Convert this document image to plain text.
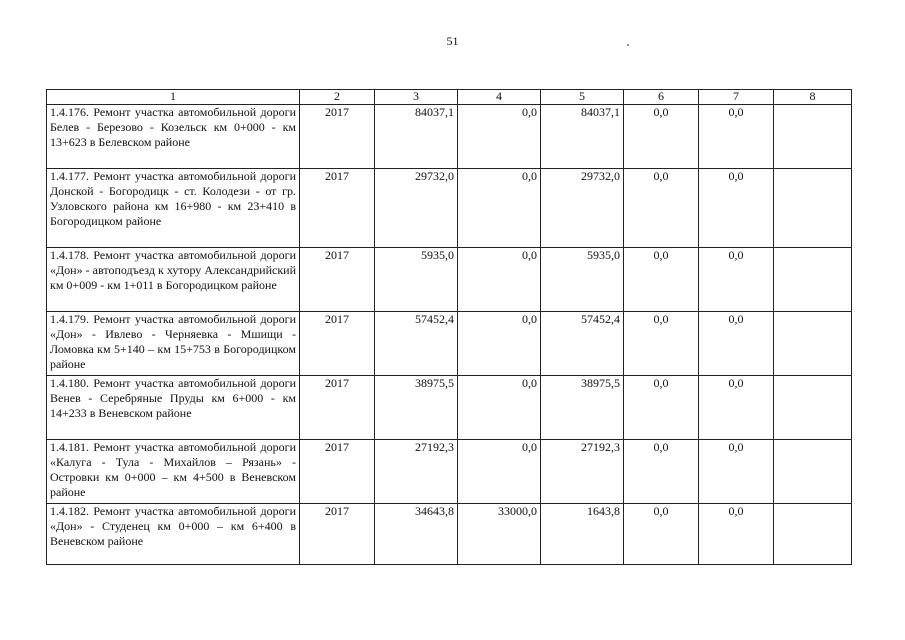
51
1	2	3	4	5	6	7	8
1.4.176. Ремонт участка автомобильной дороги Белев - Березово - Козельск км 0+000 - км 13+623 в Белевском районе	2017	84037,1	0,0	84037,1	0,0	0,0	
1.4.177. Ремонт участка автомобильной дороги Донской - Богородицк - ст. Колодези - от гр. Узловского района км 16+980 - км 23+410 в Богородицком районе	2017	29732,0	0,0	29732,0	0,0	0,0	
1.4.178. Ремонт участка автомобильной дороги «Дон» - автоподъезд к хутору Александрийский км 0+009 - км 1+011 в Богородицком районе	2017	5935,0	0,0	5935,0	0,0	0,0	
1.4.179. Ремонт участка автомобильной дороги «Дон» - Ивлево - Черняевка - Мшищи - Ломовка км 5+140 – км 15+753 в Богородицком районе	2017	57452,4	0,0	57452,4	0,0	0,0	
1.4.180. Ремонт участка автомобильной дороги Венев - Серебряные Пруды км 6+000 - км 14+233 в Веневском районе	2017	38975,5	0,0	38975,5	0,0	0,0	
1.4.181. Ремонт участка автомобильной дороги «Калуга - Тула - Михайлов – Рязань» - Островки км 0+000 – км 4+500 в Веневском районе	2017	27192,3	0,0	27192,3	0,0	0,0	
1.4.182. Ремонт участка автомобильной дороги «Дон» - Студенец км 0+000 – км 6+400 в Веневском районе	2017	34643,8	33000,0	1643,8	0,0	0,0	
